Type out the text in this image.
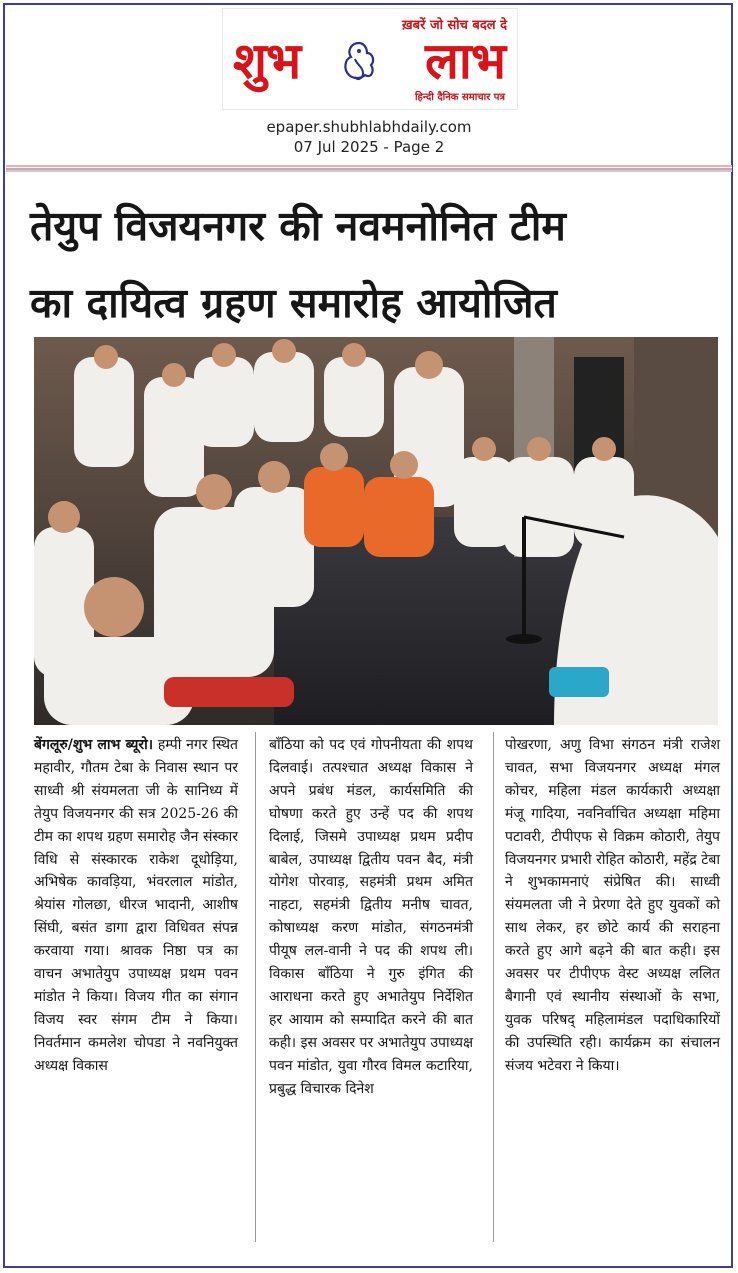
ख़बरें जो सोच बदल दे
शुभ लाभ
हिन्दी दैनिक समाचार पत्र
epaper.shubhlabhdaily.com
07 Jul 2025 - Page 2
तेयुप विजयनगर की नवमनोनित टीम
का दायित्व ग्रहण समारोह आयोजित

बेंगलूरु/शुभ लाभ ब्यूरो। हम्पी नगर स्थित महावीर, गौतम टेबा के निवास स्थान पर साध्वी श्री संयमलता जी के सानिध्य में तेयुप विजयनगर की सत्र 2025-26 की टीम का शपथ ग्रहण समारोह जैन संस्कार विधि से संस्कारक राकेश दूधोड़िया, अभिषेक कावड़िया, भंवरलाल मांडोत, श्रेयांस गोलछा, धीरज भादानी, आशीष सिंघी, बसंत डागा द्वारा विधिवत संपन्न करवाया गया। श्रावक निष्ठा पत्र का वाचन अभातेयुप उपाध्यक्ष प्रथम पवन मांडोत ने किया। विजय गीत का संगान विजय स्वर संगम टीम ने किया। निवर्तमान कमलेश चोपडा ने नवनियुक्त अध्यक्ष विकास

बाँठिया को पद एवं गोपनीयता की शपथ दिलवाई। तत्पश्चात अध्यक्ष विकास ने अपने प्रबंध मंडल, कार्यसमिति की घोषणा करते हुए उन्हें पद की शपथ दिलाई, जिसमे उपाध्यक्ष प्रथम प्रदीप बाबेल, उपाध्यक्ष द्वितीय पवन बैद, मंत्री योगेश पोरवाड़, सहमंत्री प्रथम अमित नाहटा, सहमंत्री द्वितीय मनीष चावत, कोषाध्यक्ष करण मांडोत, संगठनमंत्री पीयूष लल-वानी ने पद की शपथ ली। विकास बाँठिया ने गुरु इंगित की आराधना करते हुए अभातेयुप निर्देशित हर आयाम को सम्पादित करने की बात कही। इस अवसर पर अभातेयुप उपाध्यक्ष पवन मांडोत, युवा गौरव विमल कटारिया, प्रबुद्ध विचारक दिनेश

पोखरणा, अणु विभा संगठन मंत्री राजेश चावत, सभा विजयनगर अध्यक्ष मंगल कोचर, महिला मंडल कार्यकारी अध्यक्षा मंजू गादिया, नवनिर्वाचित अध्यक्षा महिमा पटावरी, टीपीएफ से विक्रम कोठारी, तेयुप विजयनगर प्रभारी रोहित कोठारी, महेंद्र टेबा ने शुभकामनाएं संप्रेषित की। साध्वी संयमलता जी ने प्रेरणा देते हुए युवकों को साथ लेकर, हर छोटे कार्य की सराहना करते हुए आगे बढ़ने की बात कही। इस अवसर पर टीपीएफ वेस्ट अध्यक्ष ललित बैगानी एवं स्थानीय संस्थाओं के सभा, युवक परिषद् महिलामंडल पदाधिकारियों की उपस्थिति रही। कार्यक्रम का संचालन संजय भटेवरा ने किया।
